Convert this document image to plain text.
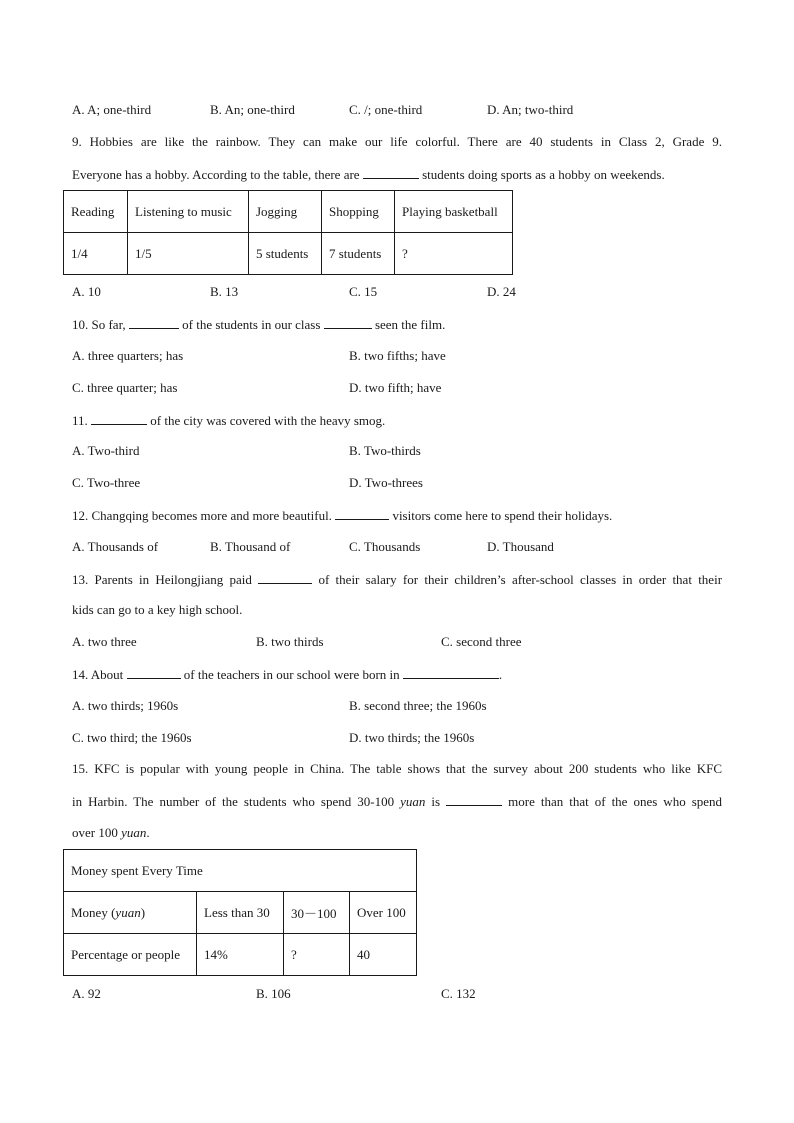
A. A; one-third	B. An; one-third	C. /; one-third	D. An; two-third
9. Hobbies are like the rainbow. They can make our life colorful. There are 40 students in Class 2, Grade 9.
Everyone has a hobby. According to the table, there are	students doing sports as a hobby on weekends.
Reading	Listening to music	Jogging	Shopping	Playing basketball
1/4	1/5	5 students	7 students	?
A. 10	B. 13	C. 15	D. 24
10. So far,	of the students in our class	seen the film.
A. three quarters; has	B. two fifths; have
C. three quarter; has	D. two fifth; have
11.	of the city was covered with the heavy smog.
A. Two-third	B. Two-thirds
C. Two-three	D. Two-threes
12. Changqing becomes more and more beautiful.	visitors come here to spend their holidays.
A. Thousands of	B. Thousand of	C. Thousands	D. Thousand
13. Parents in Heilongjiang paid	of their salary for their children’s after-school classes in order that their
kids can go to a key high school.
A. two three	B. two thirds	C. second three
14. About	of the teachers in our school were born in	.
A. two thirds; 1960s	B. second three; the 1960s
C. two third; the 1960s	D. two thirds; the 1960s
15. KFC is popular with young people in China. The table shows that the survey about 200 students who like KFC
in Harbin. The number of the students who spend 30-100 yuan is	more than that of the ones who spend
over 100 yuan.
Money spent Every Time			
Money (yuan)	Less than 30	30－100	Over 100
Percentage or people	14%	?	40
A. 92	B. 106	C. 132
